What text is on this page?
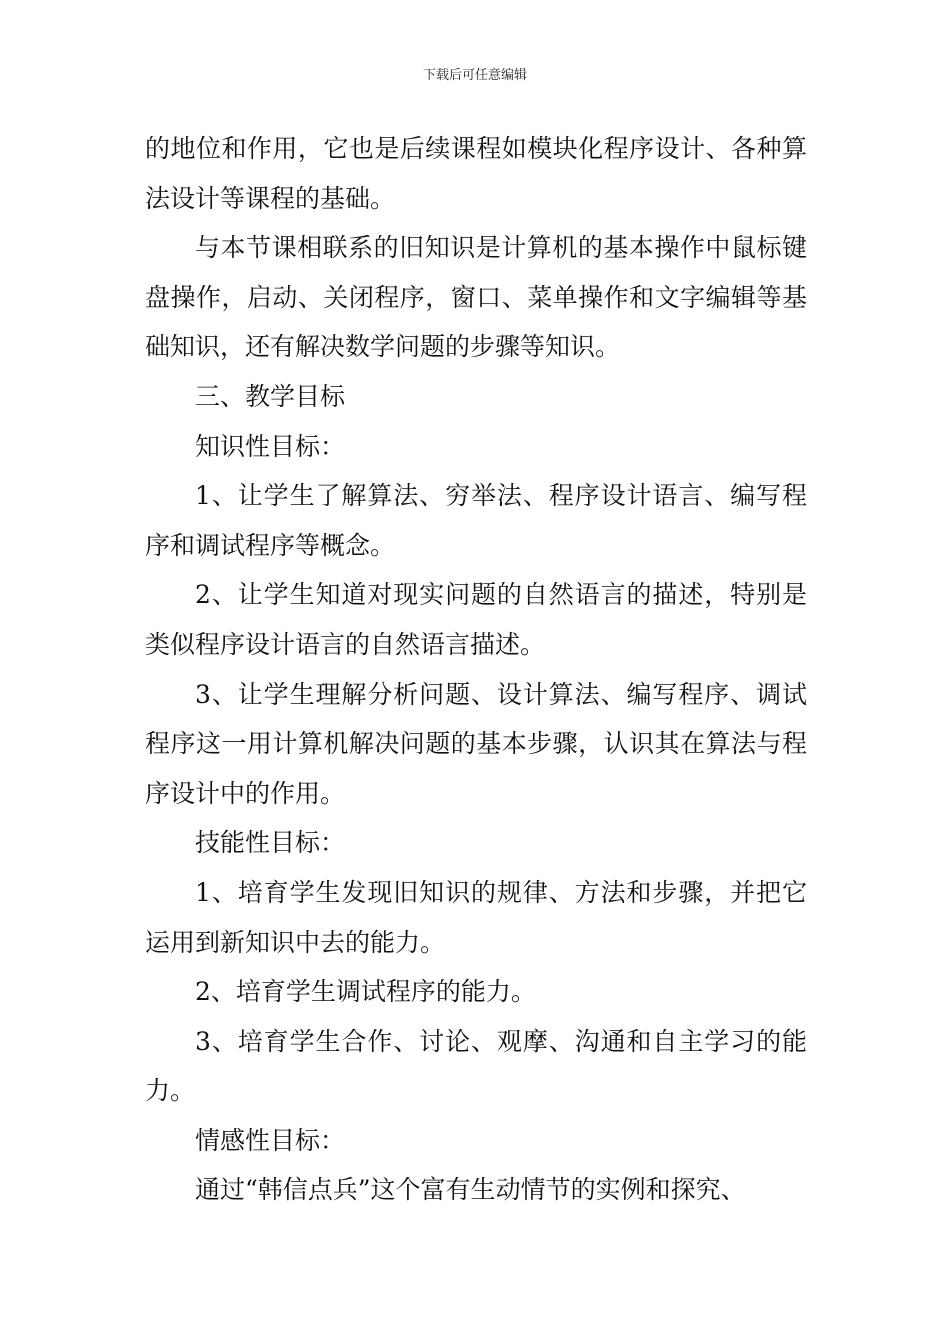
下载后可任意编辑

的地位和作用，它也是后续课程如模块化程序设计、各种算法设计等课程的基础。

与本节课相联系的旧知识是计算机的基本操作中鼠标键盘操作，启动、关闭程序，窗口、菜单操作和文字编辑等基础知识，还有解决数学问题的步骤等知识。

三、教学目标

知识性目标：

1、让学生了解算法、穷举法、程序设计语言、编写程序和调试程序等概念。

2、让学生知道对现实问题的自然语言的描述，特别是类似程序设计语言的自然语言描述。

3、让学生理解分析问题、设计算法、编写程序、调试程序这一用计算机解决问题的基本步骤，认识其在算法与程序设计中的作用。

技能性目标：

1、培育学生发现旧知识的规律、方法和步骤，并把它运用到新知识中去的能力。

2、培育学生调试程序的能力。

3、培育学生合作、讨论、观摩、沟通和自主学习的能力。

情感性目标：

通过“韩信点兵”这个富有生动情节的实例和探究、
